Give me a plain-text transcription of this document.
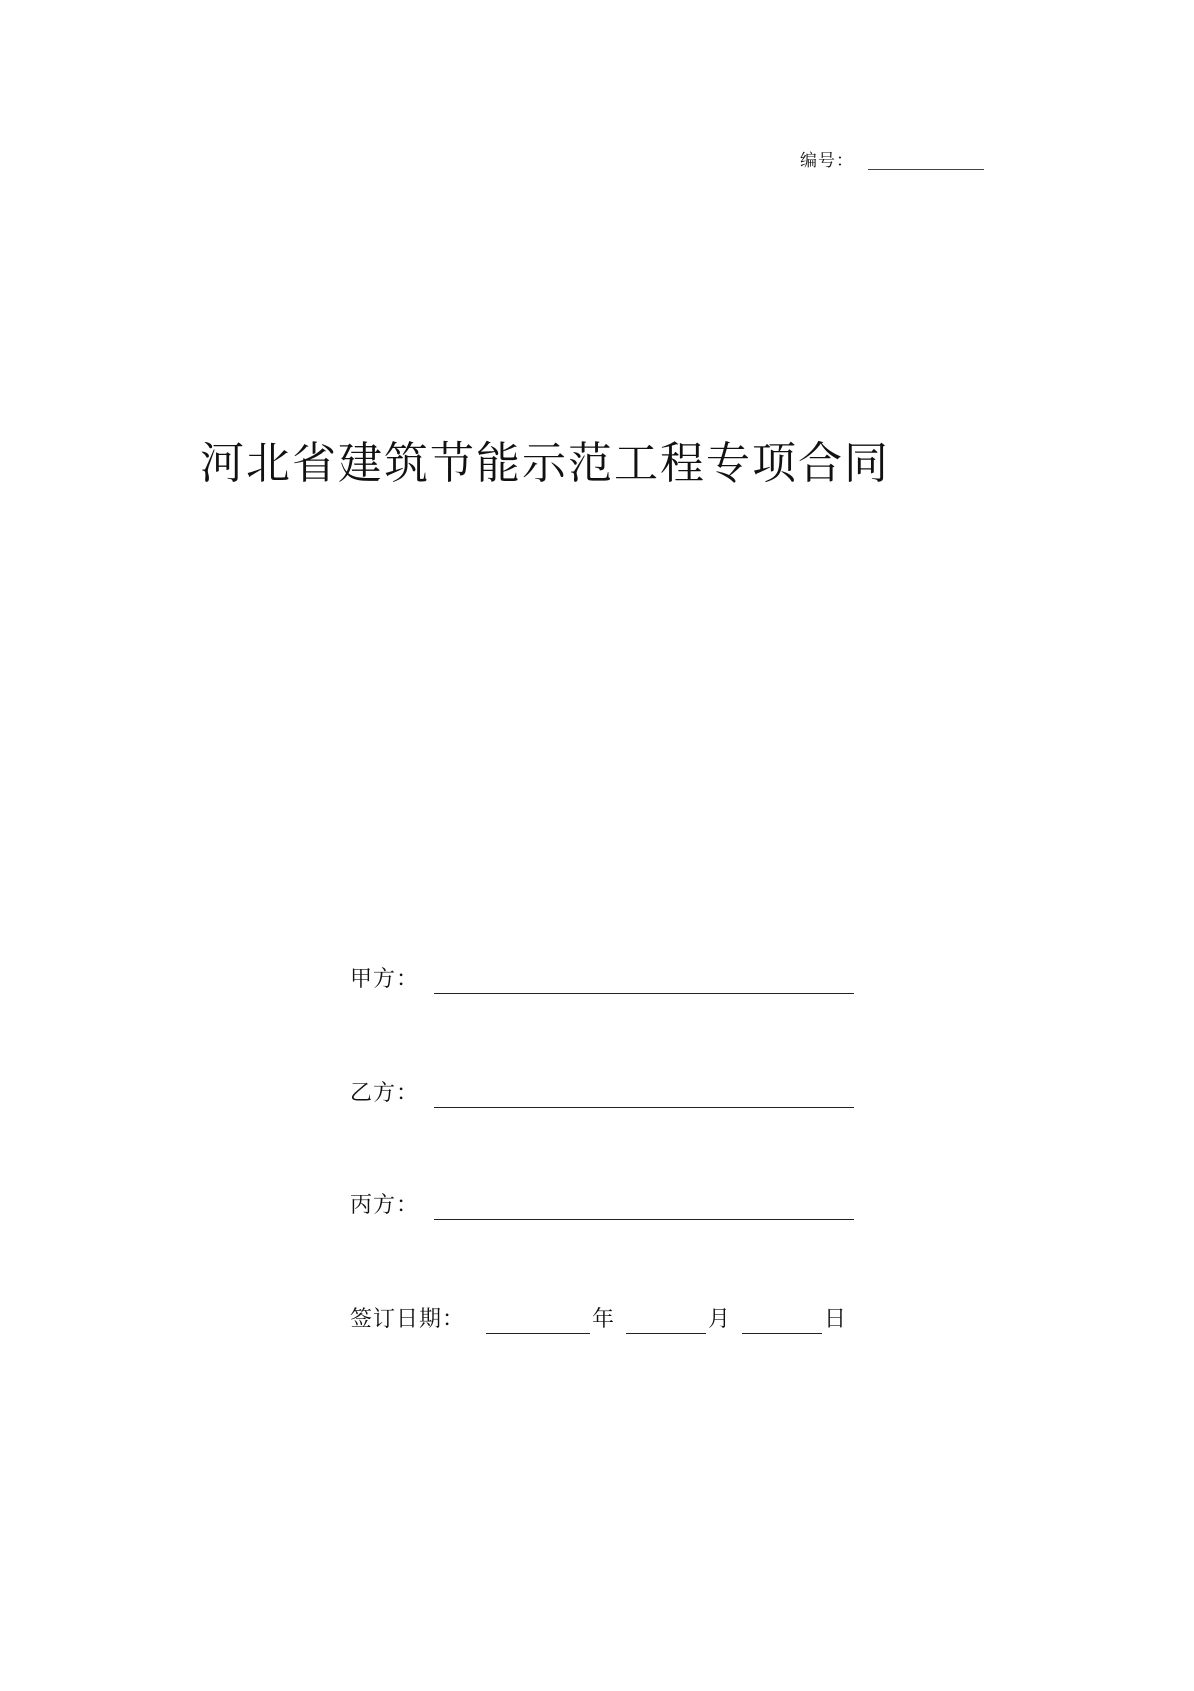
编号：
河北省建筑节能示范工程专项合同
甲方：
乙方：
丙方：
签订日期：	年	月	日
